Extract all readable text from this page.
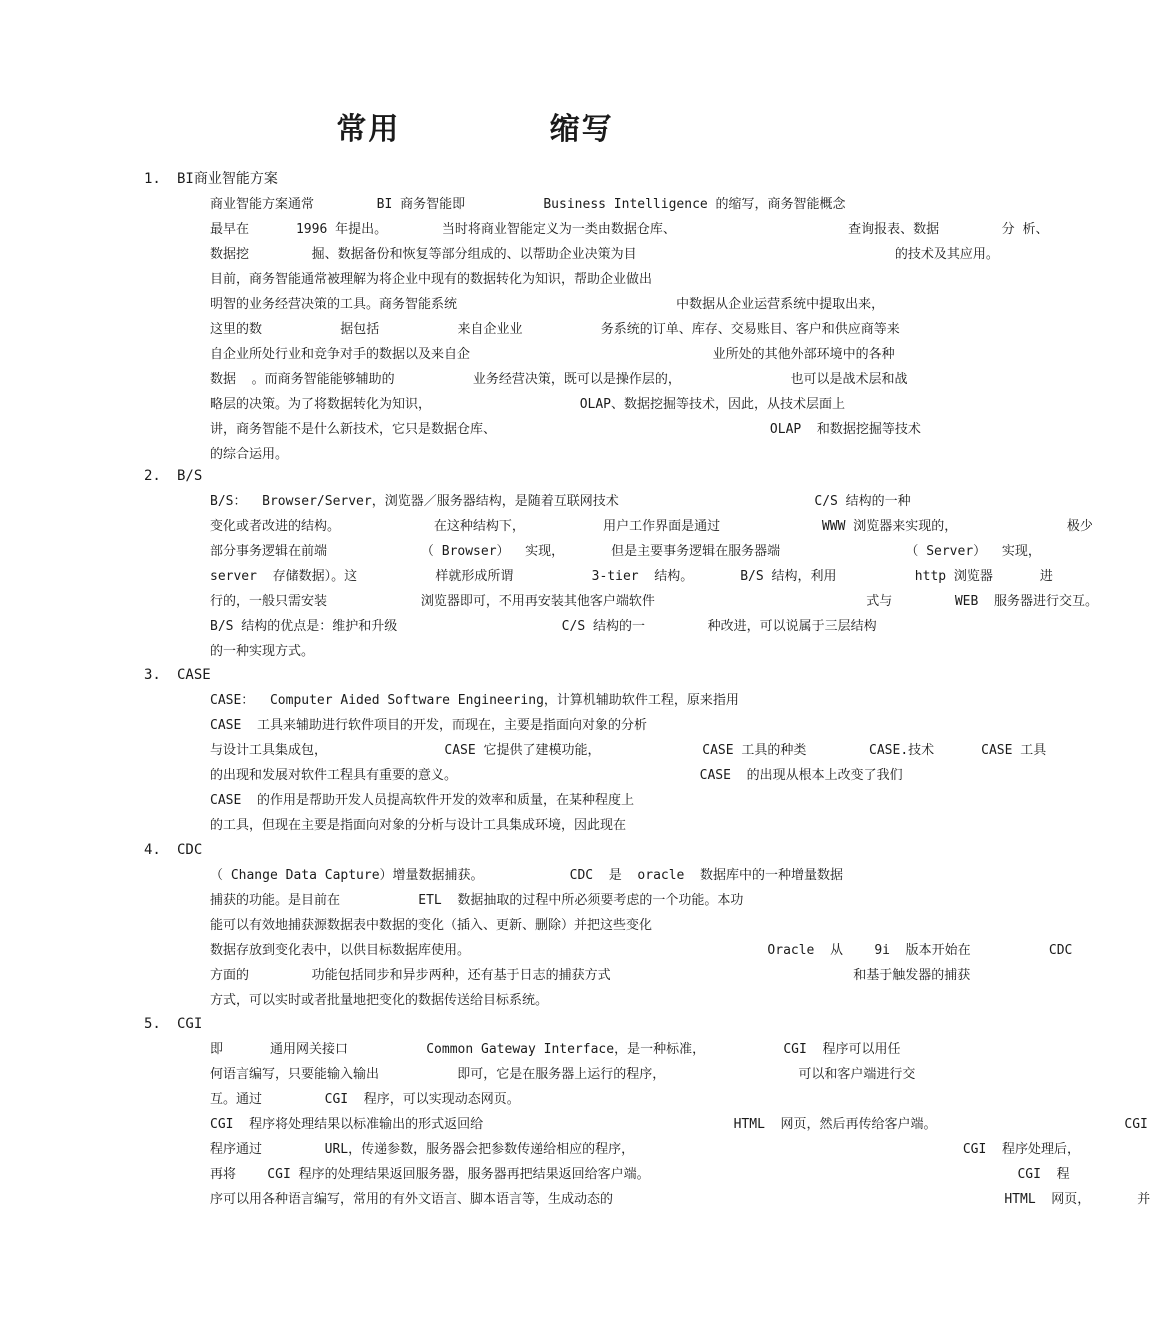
常用            缩写
1.	BI商业智能方案
商业智能方案通常        BI 商务智能即          Business Intelligence 的缩写，商务智能概念
最早在      1996 年提出。       当时将商业智能定义为一类由数据仓库、                      查询报表、数据        分 析、
数据挖        掘、数据备份和恢复等部分组成的、以帮助企业决策为目                                 的技术及其应用。
目前，商务智能通常被理解为将企业中现有的数据转化为知识，帮助企业做出
明智的业务经营决策的工具。商务智能系统                            中数据从企业运营系统中提取出来，
这里的数          据包括          来自企业业          务系统的订单、库存、交易账目、客户和供应商等来
自企业所处行业和竞争对手的数据以及来自企                               业所处的其他外部环境中的各种
数据  。而商务智能能够辅助的          业务经营决策，既可以是操作层的，              也可以是战术层和战
略层的决策。为了将数据转化为知识，                   OLAP、数据挖掘等技术，因此，从技术层面上
讲，商务智能不是什么新技术，它只是数据仓库、                                   OLAP  和数据挖掘等技术
的综合运用。
2.	B/S
B/S：  Browser/Server，浏览器／服务器结构，是随着互联网技术                         C/S 结构的一种
变化或者改进的结构。            在这种结构下，          用户工作界面是通过             WWW 浏览器来实现的，              极少
部分事务逻辑在前端            （ Browser）  实现，      但是主要事务逻辑在服务器端                （ Server）  实现，
server  存储数据）。这          样就形成所谓          3-tier  结构。      B/S 结构，利用          http 浏览器      进
行的，一般只需安装            浏览器即可，不用再安装其他客户端软件                           式与        WEB  服务器进行交互。
B/S 结构的优点是：维护和升级                     C/S 结构的一        种改进，可以说属于三层结构
的一种实现方式。
3.	CASE
CASE：  Computer Aided Software Engineering，计算机辅助软件工程，原来指用
CASE  工具来辅助进行软件项目的开发，而现在，主要是指面向对象的分析
与设计工具集成包，               CASE 它提供了建模功能，             CASE 工具的种类        CASE.技术      CASE 工具
的出现和发展对软件工程具有重要的意义。                               CASE  的出现从根本上改变了我们
CASE  的作用是帮助开发人员提高软件开发的效率和质量，在某种程度上
的工具，但现在主要是指面向对象的分析与设计工具集成环境，因此现在
4.	CDC
（ Change Data Capture）增量数据捕获。           CDC  是  oracle  数据库中的一种增量数据
捕获的功能。是目前在          ETL  数据抽取的过程中所必须要考虑的一个功能。本功
能可以有效地捕获源数据表中数据的变化（插入、更新、删除）并把这些变化
数据存放到变化表中，以供目标数据库使用。                                      Oracle  从    9i  版本开始在          CDC
方面的        功能包括同步和异步两种，还有基于日志的捕获方式                               和基于触发器的捕获
方式，可以实时或者批量地把变化的数据传送给目标系统。
5.	CGI
即      通用网关接口          Common Gateway Interface，是一种标准，          CGI  程序可以用任
何语言编写，只要能输入输出          即可，它是在服务器上运行的程序，                 可以和客户端进行交
互。通过        CGI  程序，可以实现动态网页。
CGI  程序将处理结果以标准输出的形式返回给                                HTML  网页，然后再传给客户端。                        CGI
程序通过        URL，传递参数，服务器会把参数传递给相应的程序，                                          CGI  程序处理后，
再将    CGI 程序的处理结果返回服务器，服务器再把结果返回给客户端。                                               CGI  程
序可以用各种语言编写，常用的有外文语言、脚本语言等，生成动态的                                                  HTML  网页，      并
